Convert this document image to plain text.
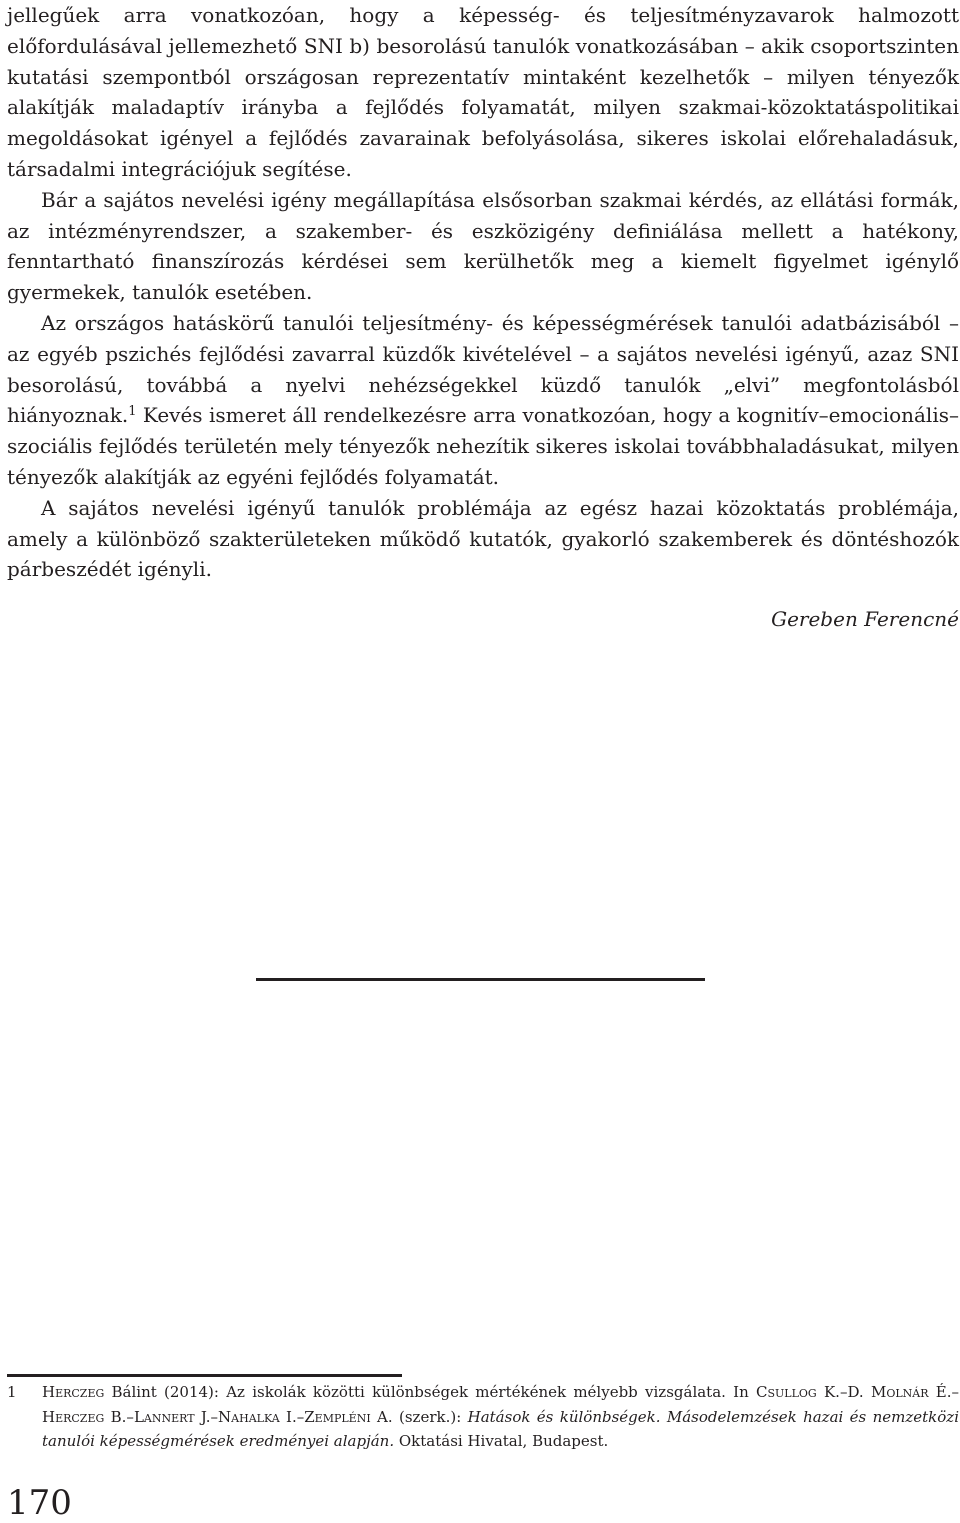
jellegűek arra vonatkozóan, hogy a képesség- és teljesítményzavarok halmozott előfordulásával jellemezhető SNI b) besorolású tanulók vonatkozásában – akik csoportszinten kutatási szempontból országosan reprezentatív mintaként kezelhetők – milyen tényezők alakítják maladaptív irányba a fejlődés folyamatát, milyen szakmai-közoktatáspolitikai megoldásokat igényel a fejlődés zavarainak befolyásolása, sikeres iskolai előrehaladásuk, társadalmi integrációjuk segítése.

Bár a sajátos nevelési igény megállapítása elsősorban szakmai kérdés, az ellátási formák, az intézményrendszer, a szakember- és eszközigény definiálása mellett a hatékony, fenntartható finanszírozás kérdései sem kerülhetők meg a kiemelt figyelmet igénylő gyermekek, tanulók esetében.

Az országos hatáskörű tanulói teljesítmény- és képességmérések tanulói adatbázisából – az egyéb pszichés fejlődési zavarral küzdők kivételével – a sajátos nevelési igényű, azaz SNI besorolású, továbbá a nyelvi nehézségekkel küzdő tanulók „elvi” megfontolásból hiányoznak.$^1$ Kevés ismeret áll rendelkezésre arra vonatkozóan, hogy a kognitív–emocionális–szociális fejlődés területén mely tényezők nehezítik sikeres iskolai továbbhaladásukat, milyen tényezők alakítják az egyéni fejlődés folyamatát.

A sajátos nevelési igényű tanulók problémája az egész hazai közoktatás problémája, amely a különböző szakterületeken működő kutatók, gyakorló szakemberek és döntéshozók párbeszédét igényli.

Gereben Ferencné
1 Herczeg Bálint (2014): Az iskolák közötti különbségek mértékének mélyebb vizsgálata. In Csullog K.–D. Molnár É.–Herczeg B.–Lannert J.–Nahalka I.–Zempléni A. (szerk.): Hatások és különbségek. Másodelemzések hazai és nemzetközi tanulói képességmérések eredményei alapján. Oktatási Hivatal, Budapest.
170
